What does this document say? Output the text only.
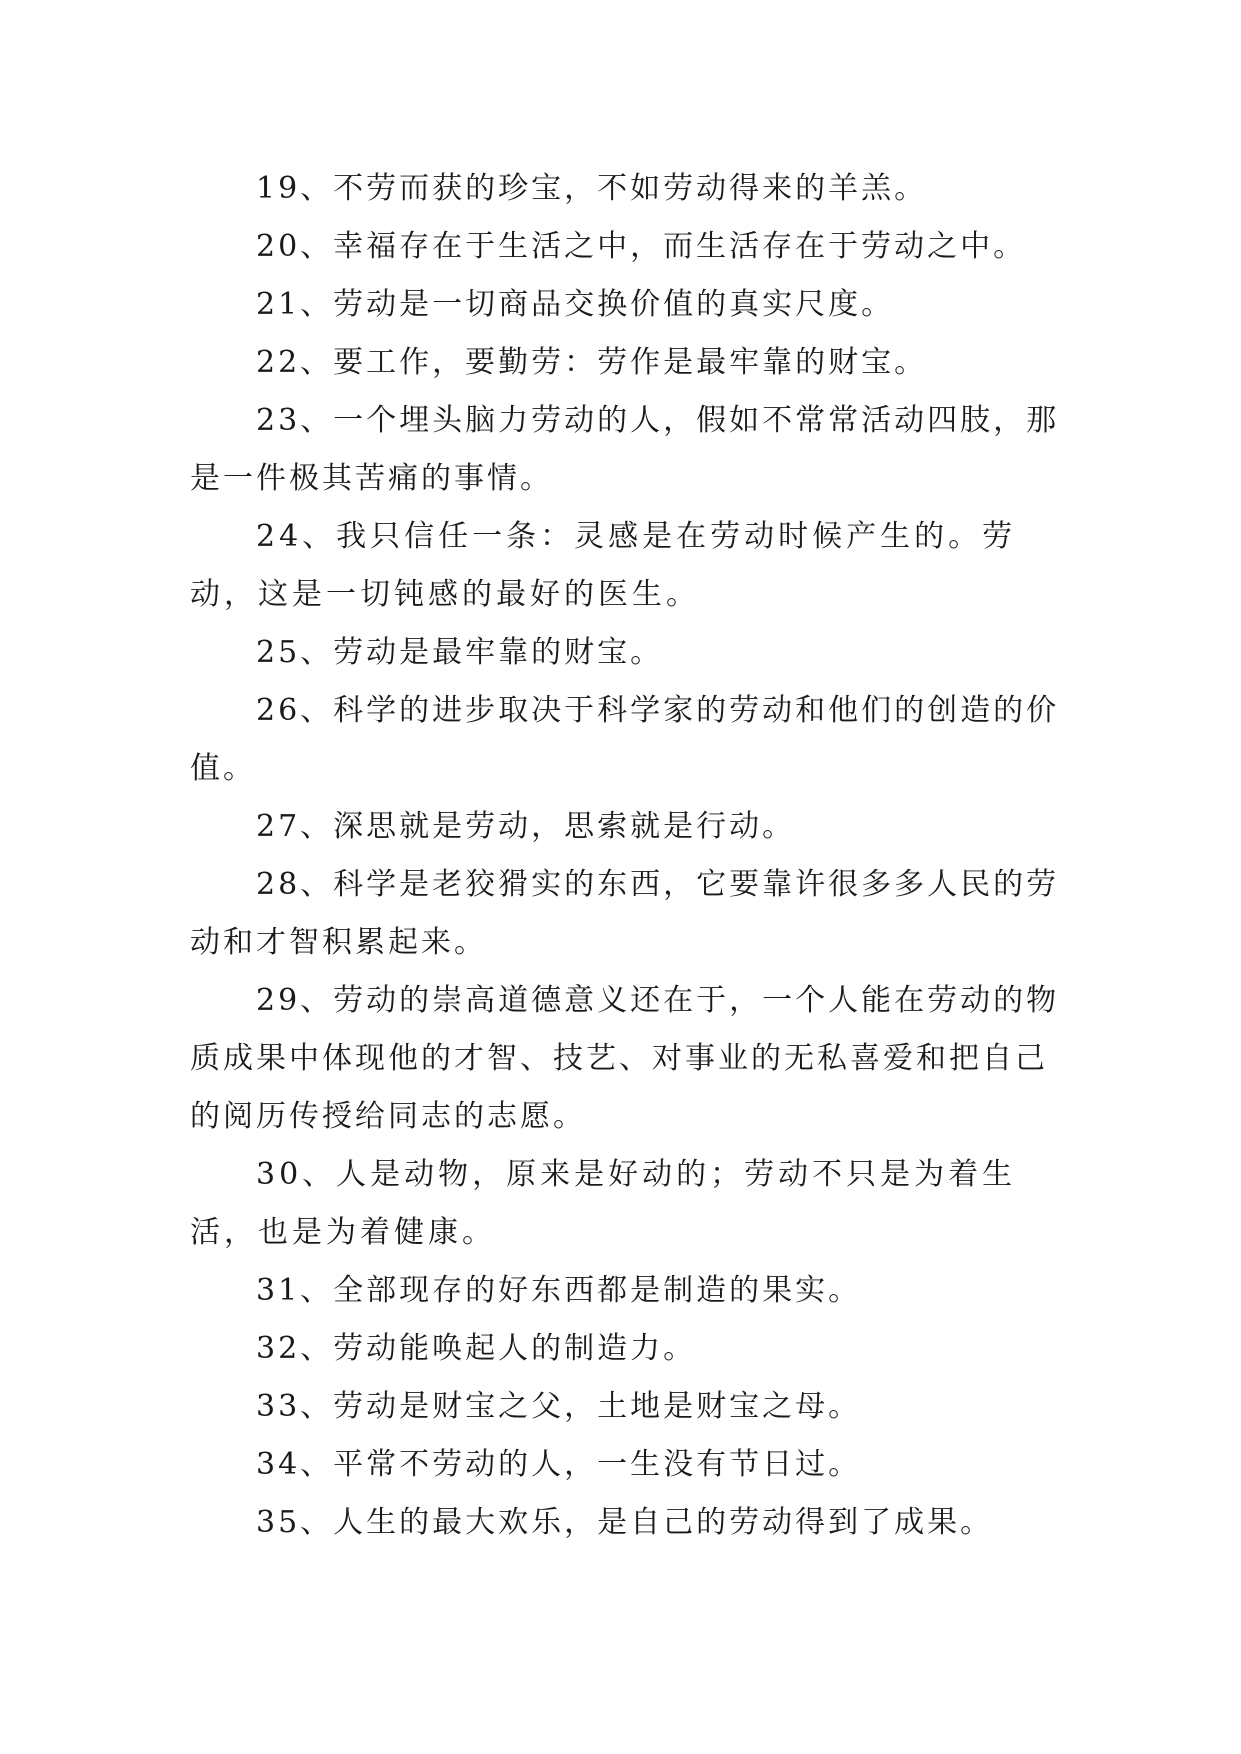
19、不劳而获的珍宝，不如劳动得来的羊羔。

20、幸福存在于生活之中，而生活存在于劳动之中。

21、劳动是一切商品交换价值的真实尺度。

22、要工作，要勤劳：劳作是最牢靠的财宝。

23、一个埋头脑力劳动的人，假如不常常活动四肢，那是一件极其苦痛的事情。

24、我只信任一条：灵感是在劳动时候产生的。劳动，这是一切钝感的最好的医生。

25、劳动是最牢靠的财宝。

26、科学的进步取决于科学家的劳动和他们的创造的价值。

27、深思就是劳动，思索就是行动。

28、科学是老狡猾实的东西，它要靠许很多多人民的劳动和才智积累起来。

29、劳动的崇高道德意义还在于，一个人能在劳动的物质成果中体现他的才智、技艺、对事业的无私喜爱和把自己的阅历传授给同志的志愿。

30、人是动物，原来是好动的；劳动不只是为着生活，也是为着健康。

31、全部现存的好东西都是制造的果实。

32、劳动能唤起人的制造力。

33、劳动是财宝之父，土地是财宝之母。

34、平常不劳动的人，一生没有节日过。

35、人生的最大欢乐，是自己的劳动得到了成果。
